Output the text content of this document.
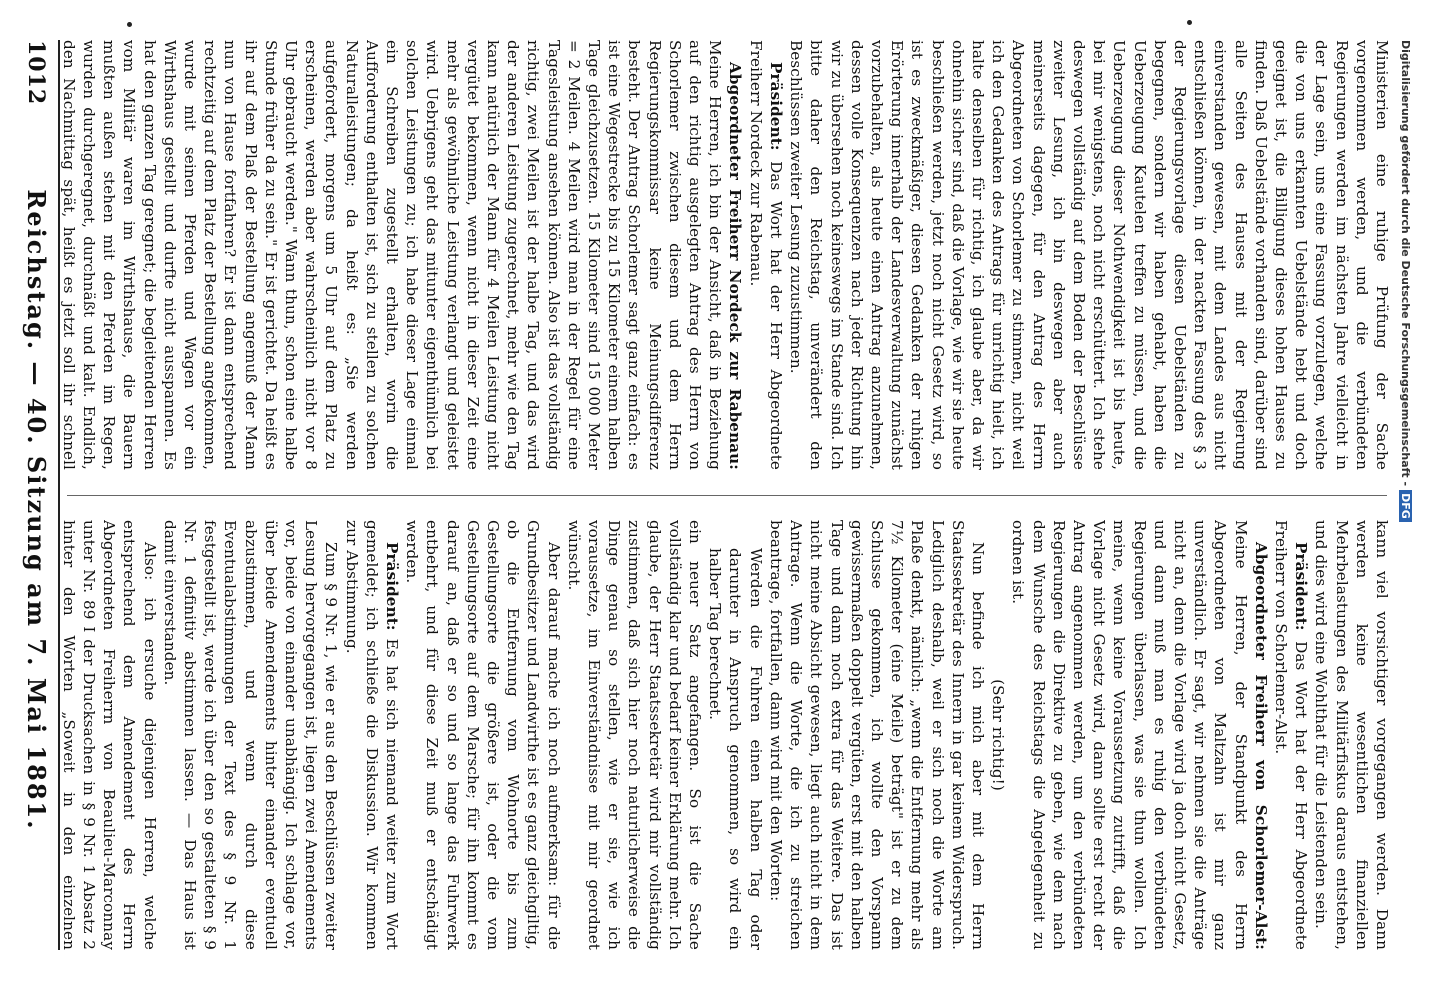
Digitalisierung gefördert durch die Deutsche Forschungsgemeinschaft -DFG

Ministerien eine ruhige Prüfung der Sache vorgenommen werden, und die verbündeten Regierungen werden im nächsten Jahre vielleicht in der Lage sein, uns eine Fassung vorzulegen, welche die von uns erkannten Uebelstände hebt und doch geeignet ist, die Billigung dieses hohen Hauses zu finden. Daß Uebelstände vorhanden sind, darüber sind alle Seiten des Hauses mit der Regierung einverstanden gewesen, mit dem Landes aus nicht entschließen können, in der nackten Fassung des § 3 der Regierungsvorlage diesen Uebelständen zu begegnen, sondern wir haben gehabt, haben die Ueberzeugung Kautelen treffen zu müssen, und die Ueberzeugung dieser Nothwendigkeit ist bis heute, bei mir wenigstens, noch nicht erschüttert. Ich stehe deswegen vollständig auf dem Boden der Beschlüsse zweiter Lesung, ich bin deswegen aber auch meinerseits dagegen, für den Antrag des Herrn Abgeordneten von Schorlemer zu stimmen, nicht weil ich den Gedanken des Antrags für unrichtig hielt, ich halte denselben für richtig, ich glaube aber, da wir ohnehin sicher sind, daß die Vorlage, wie wir sie heute beschließen werden, jetzt noch nicht Gesetz wird, so ist es zweckmäßiger, diesen Gedanken der ruhigen Erörterung innerhalb der Landesverwaltung zunächst vorzubehalten, als heute einen Antrag anzunehmen, dessen volle Konsequenzen nach jeder Richtung hin wir zu übersehen noch keineswegs im Stande sind. Ich bitte daher den Reichstag, unverändert den Beschlüssen zweiter Lesung zuzustimmen.

Präsident: Das Wort hat der Herr Abgeordnete Freiherr Nordeck zur Rabenau.

Abgeordneter Freiherr Nordeck zur Rabenau: Meine Herren, ich bin der Ansicht, daß in Beziehung auf den richtig ausgelegten Antrag des Herrn von Schorlemer zwischen diesem und dem Herrn Regierungskommissar keine Meinungsdifferenz besteht. Der Antrag Schorlemer sagt ganz einfach: es ist eine Wegestrecke bis zu 15 Kilometer einem halben Tage gleichzusetzen. 15 Kilometer sind 15 000 Meter = 2 Meilen. 4 Meilen wird man in der Regel für eine Tagesleistung ansehen können. Also ist das vollständig richtig, zwei Meilen ist der halbe Tag, und das wird der anderen Leistung zugerechnet, mehr wie den Tag kann natürlich der Mann für 4 Meilen Leistung nicht vergütet bekommen, wenn nicht in dieser Zeit eine mehr als gewöhnliche Leistung verlangt und geleistet wird. Uebrigens geht das mitunter eigenthümlich bei solchen Leistungen zu; ich habe dieser Lage einmal ein Schreiben zugestellt erhalten, worin die Aufforderung enthalten ist, sich zu stellen zu solchen Naturalleistungen; da heißt es: „Sie werden aufgefordert, morgens um 5 Uhr auf dem Platz zu erscheinen, werden aber wahrscheinlich nicht vor 8 Uhr gebraucht werden." Wann thun, schon eine halbe Stunde früher da zu sein." Er ist gerichtet. Da heißt es ihr auf dem Plaß der Bestellung angemuß der Mann nun von Hause fortfahren? Er ist dann entsprechend rechtzeitig auf dem Platz der Bestellung angekommen, wurde mit seinen Pferden und Wagen vor ein Wirthshaus gestellt und durfte nicht ausspannen. Es hat den ganzen Tag geregnet; die begleitenden Herren vom Militär waren im Wirthshause, die Bauern mußten außen stehen mit den Pferden im Regen, wurden durchgeregnet, durchnäßt und kalt. Endlich, den Nachmittag spät, heißt es jetzt soll ihr schnell

kann viel vorsichtiger vorgegangen werden. Dann werden keine wesentlichen finanziellen Mehrbelastungen des Militärfiskus daraus entstehen, und dies wird eine Wohlthat für die Leistenden sein.

Präsident: Das Wort hat der Herr Abgeordnete Freiherr von Schorlemer-Alst.

Abgeordneter Freiherr von Schorlemer-Alst: Meine Herren, der Standpunkt des Herrn Abgeordneten von Maltzahn ist mir ganz unverständlich. Er sagt, wir nehmen sie die Anträge nicht an, denn die Vorlage wird ja doch nicht Gesetz, und dann muß man es ruhig den verbündeten Regierungen überlassen, was sie thun wollen. Ich meine, wenn keine Voraussetzung zutrifft, daß die Vorlage nicht Gesetz wird, dann sollte erst recht der Antrag angenommen werden, um den verbündeten Regierungen die Direktive zu geben, wie dem nach dem Wunsche des Reichstags die Angelegenheit zu ordnen ist.

(Sehr richtig!)

Nun befinde ich mich aber mit dem Herrn Staatssekretär des Innern in gar keinem Widerspruch. Lediglich deshalb, weil er sich noch die Worte am Plaße denkt, nämlich: „wenn die Entfernung mehr als 7½ Kilometer (eine Meile) beträgt" ist er zu dem Schlusse gekommen, ich wollte den Vorspann gewissermaßen doppelt vergüten, erst mit den halben Tage und dann noch extra für das Weitere. Das ist nicht meine Absicht gewesen, liegt auch nicht in dem Antrage. Wenn die Worte, die ich zu streichen beantrage, fortfallen, dann wird mit den Worten:

Werden die Fuhren einen halben Tag oder darunter in Anspruch genommen, so wird ein halber Tag berechnet.

ein neuer Satz angefangen. So ist die Sache vollständig klar und bedarf keiner Erklärung mehr. Ich glaube, der Herr Staatssekretär wird mir vollständig zustimmen, daß sich hier noch naturlicherweise die Dinge genau so stellen, wie er sie, wie ich voraussetze, im Einverständnisse mit mir geordnet wünscht.

Aber darauf mache ich noch aufmerksam: für die Grundbesitzer und Landwirthe ist es ganz gleichgiltig, ob die Entfernung vom Wohnorte bis zum Gestellungsorte die größere ist, oder die vom Gestellungsorte auf dem Marsche; für ihn kommt es darauf an, daß er so und so lange das Fuhrwerk entbehrt, und für diese Zeit muß er entschädigt werden.

Präsident: Es hat sich niemand weiter zum Wort gemeldet; ich schließe die Diskussion. Wir kommen zur Abstimmung.

Zum § 9 Nr. 1, wie er aus den Beschlüssen zweiter Lesung hervorgegangen ist, liegen zwei Amendements vor, beide von einander unabhängig. Ich schlage vor, über beide Amendements hinter einander eventuell abzustimmen, und wenn durch diese Eventualabstimmungen der Text des § 9 Nr. 1 festgestellt ist, werde ich über den so gestalteten § 9 Nr. 1 definitiv abstimmen lassen. — Das Haus ist damit einverstanden.

Also: ich ersuche diejenigen Herren, welche entsprechend dem Amendement des Herrn Abgeordneten Freiherrn von Beaulieu-Marconnay unter Nr. 89 I der Drucksachen in § 9 Nr. 1 Absatz 2 hinter den Worten „Soweit in den einzelnen

1012
Reichstag. — 40. Sitzung am 7. Mai 1881.
